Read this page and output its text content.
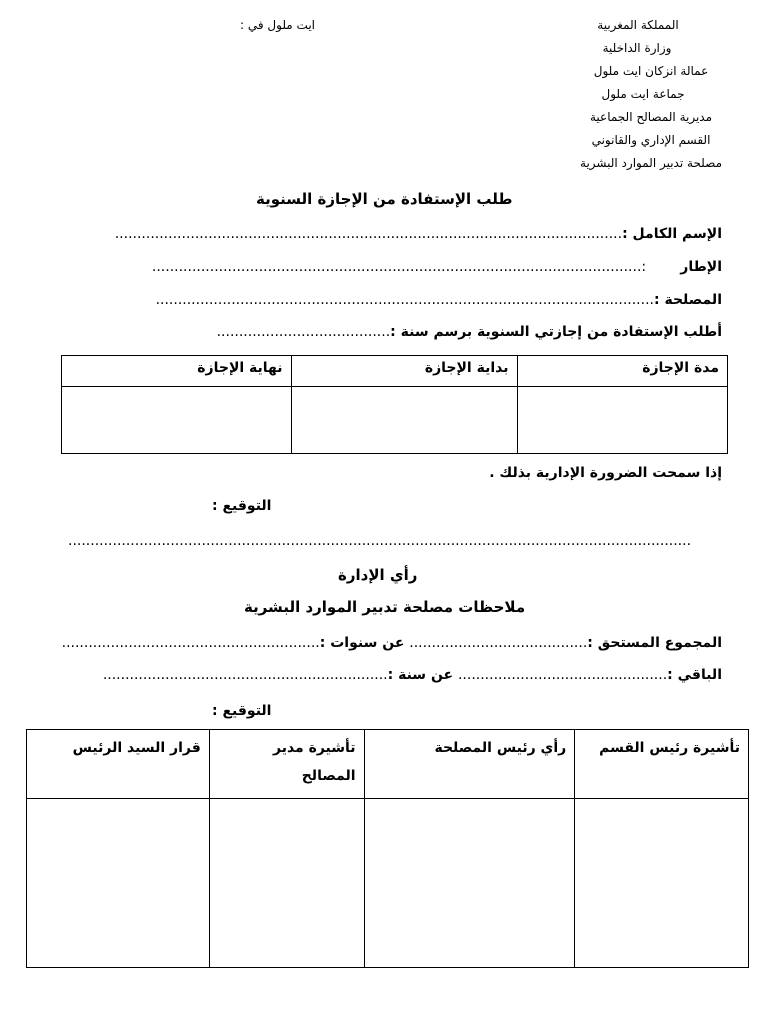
المملكة المغربية
وزارة الداخلية
عمالة انزكان ايت ملول
جماعة ايت ملول
مديرية المصالح الجماعية
القسم الإداري والقانوني
مصلحة تدبير الموارد البشرية
ايت ملول في :
طلب الإستفادة من الإجازة السنوية
الإسم الكامل :..................................................................................................................
الإطار       :..............................................................................................................
المصلحة :................................................................................................................
أطلب الإستفادة من إجازتي السنوية برسم سنة :.......................................
مدة الإجازة	بداية الإجازة	نهاية الإجازة

إذا سمحت الضرورة الإدارية بذلك .
التوقيع :
............................................................................................................................................
رأي الإدارة
ملاحظات مصلحة تدبير الموارد البشرية
المجموع المستحق :........................................ عن سنوات :..........................................................
الباقي :............................................... عن سنة :................................................................
التوقيع :
تأشيرة رئيس القسم	رأي رئيس المصلحة	تأشيرة مدير المصالح	قرار السيد الرئيس
